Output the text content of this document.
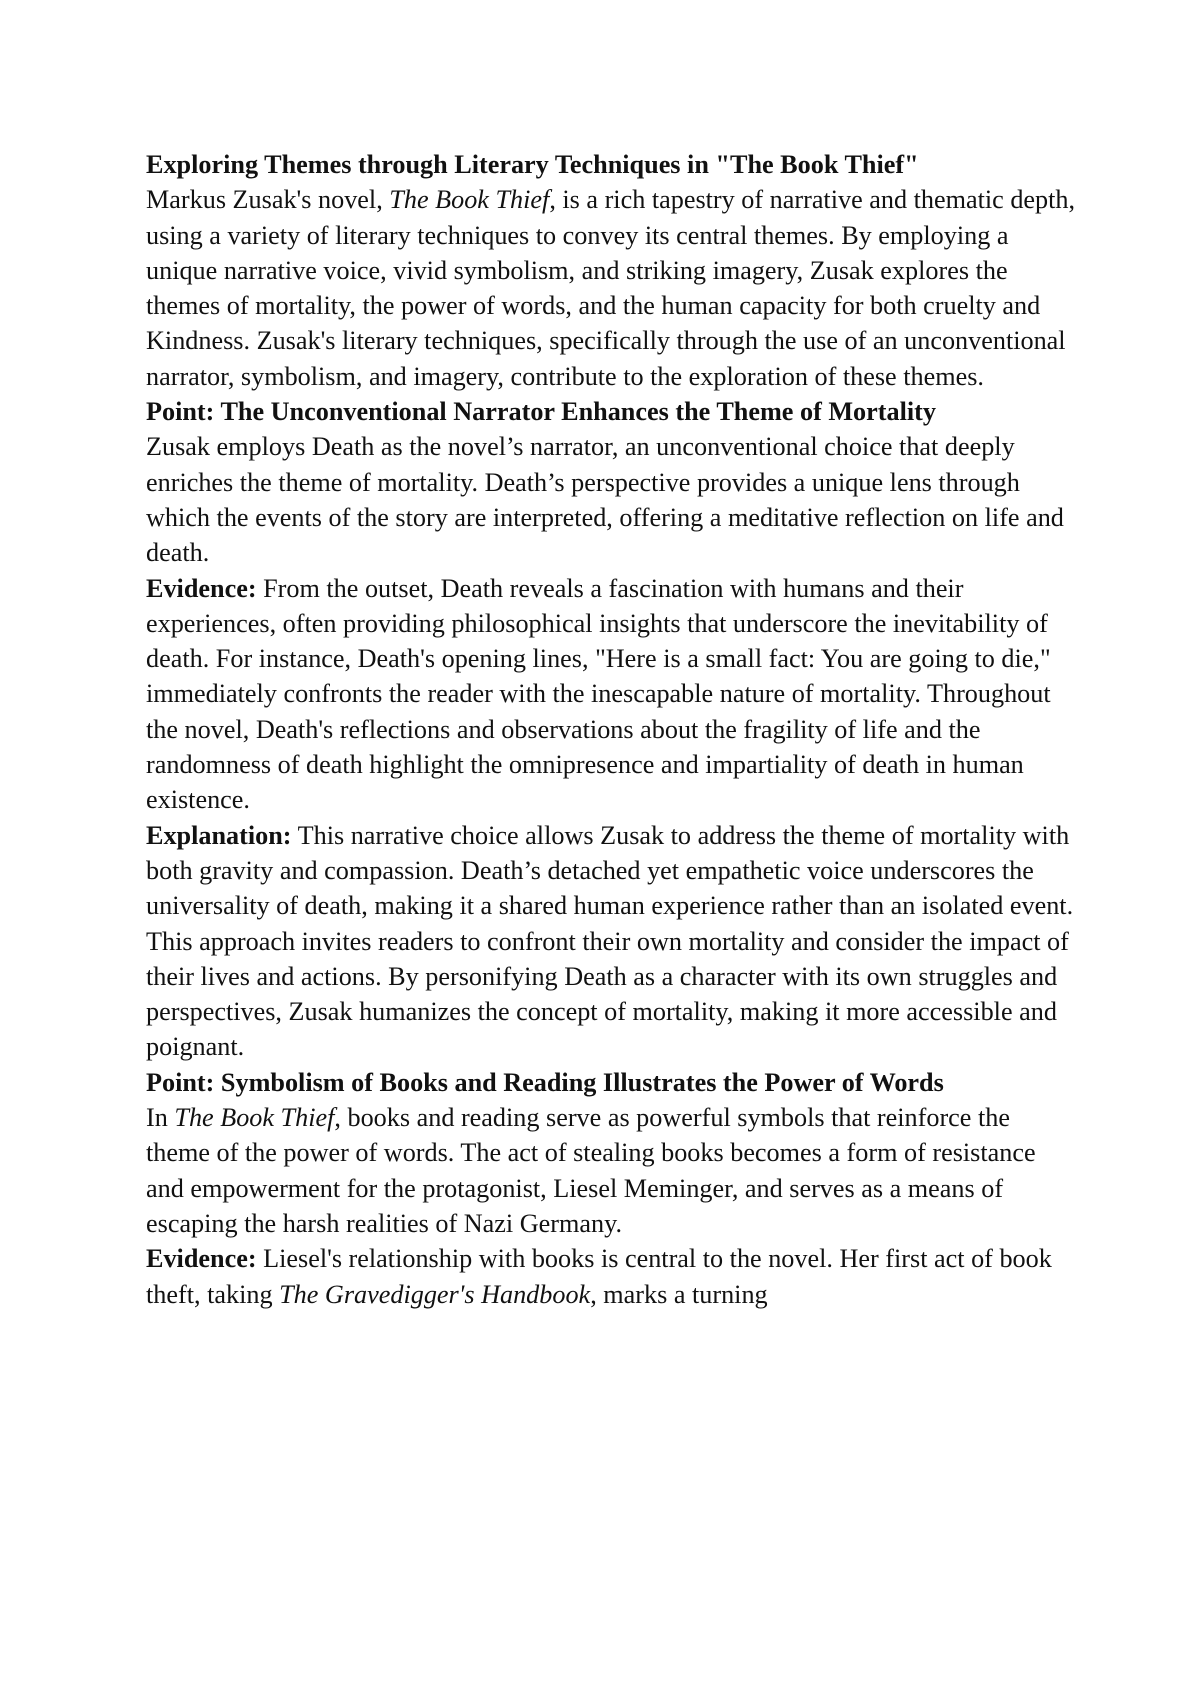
Exploring Themes through Literary Techniques in "The Book Thief"

Markus Zusak's novel, The Book Thief, is a rich tapestry of narrative and thematic depth, using a variety of literary techniques to convey its central themes. By employing a unique narrative voice, vivid symbolism, and striking imagery, Zusak explores the themes of mortality, the power of words, and the human capacity for both cruelty and Kindness. Zusak's literary techniques, specifically through the use of an unconventional narrator, symbolism, and imagery, contribute to the exploration of these themes.

Point: The Unconventional Narrator Enhances the Theme of Mortality

Zusak employs Death as the novel’s narrator, an unconventional choice that deeply enriches the theme of mortality. Death’s perspective provides a unique lens through which the events of the story are interpreted, offering a meditative reflection on life and death.

Evidence: From the outset, Death reveals a fascination with humans and their experiences, often providing philosophical insights that underscore the inevitability of death. For instance, Death's opening lines, "Here is a small fact: You are going to die," immediately confronts the reader with the inescapable nature of mortality. Throughout the novel, Death's reflections and observations about the fragility of life and the randomness of death highlight the omnipresence and impartiality of death in human existence.

Explanation: This narrative choice allows Zusak to address the theme of mortality with both gravity and compassion. Death’s detached yet empathetic voice underscores the universality of death, making it a shared human experience rather than an isolated event. This approach invites readers to confront their own mortality and consider the impact of their lives and actions. By personifying Death as a character with its own struggles and perspectives, Zusak humanizes the concept of mortality, making it more accessible and poignant.

Point: Symbolism of Books and Reading Illustrates the Power of Words

In The Book Thief, books and reading serve as powerful symbols that reinforce the theme of the power of words. The act of stealing books becomes a form of resistance and empowerment for the protagonist, Liesel Meminger, and serves as a means of escaping the harsh realities of Nazi Germany.

Evidence: Liesel's relationship with books is central to the novel. Her first act of book theft, taking The Gravedigger's Handbook, marks a turning
